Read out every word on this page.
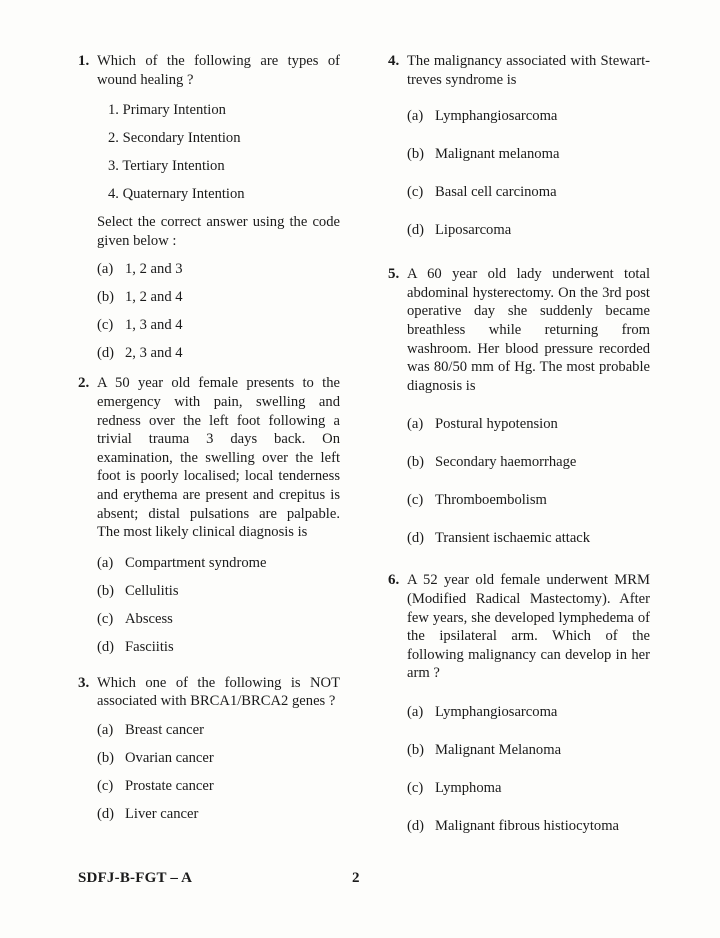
1. Which of the following are types of wound healing ?
1. Primary Intention
2. Secondary Intention
3. Tertiary Intention
4. Quaternary Intention
Select the correct answer using the code given below :
(a) 1, 2 and 3
(b) 1, 2 and 4
(c) 1, 3 and 4
(d) 2, 3 and 4
2. A 50 year old female presents to the emergency with pain, swelling and redness over the left foot following a trivial trauma 3 days back. On examination, the swelling over the left foot is poorly localised; local tenderness and erythema are present and crepitus is absent; distal pulsations are palpable. The most likely clinical diagnosis is
(a) Compartment syndrome
(b) Cellulitis
(c) Abscess
(d) Fasciitis
3. Which one of the following is NOT associated with BRCA1/BRCA2 genes ?
(a) Breast cancer
(b) Ovarian cancer
(c) Prostate cancer
(d) Liver cancer
4. The malignancy associated with Stewart-treves syndrome is
(a) Lymphangiosarcoma
(b) Malignant melanoma
(c) Basal cell carcinoma
(d) Liposarcoma
5. A 60 year old lady underwent total abdominal hysterectomy. On the 3rd post operative day she suddenly became breathless while returning from washroom. Her blood pressure recorded was 80/50 mm of Hg. The most probable diagnosis is
(a) Postural hypotension
(b) Secondary haemorrhage
(c) Thromboembolism
(d) Transient ischaemic attack
6. A 52 year old female underwent MRM (Modified Radical Mastectomy). After few years, she developed lymphedema of the ipsilateral arm. Which of the following malignancy can develop in her arm ?
(a) Lymphangiosarcoma
(b) Malignant Melanoma
(c) Lymphoma
(d) Malignant fibrous histiocytoma
SDFJ-B-FGT – A	2
